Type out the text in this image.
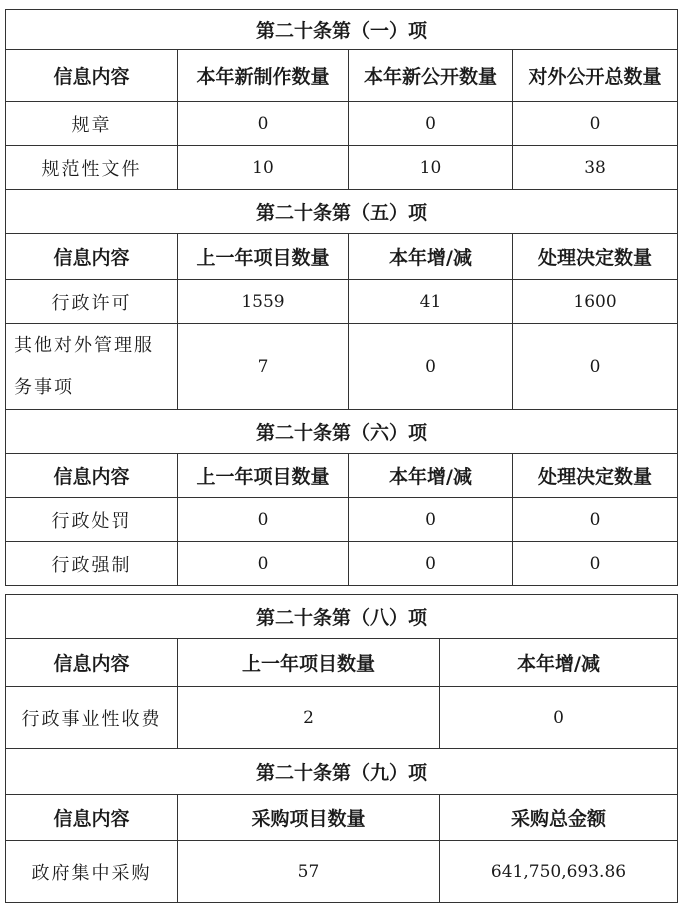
第二十条第（一）项			
信息内容	本年新制作数量	本年新公开数量	对外公开总数量
规章	0	0	0
规范性文件	10	10	38
第二十条第（五）项			
信息内容	上一年项目数量	本年增/减	处理决定数量
行政许可	1559	41	1600
其他对外管理服务事项	7	0	0
第二十条第（六）项			
信息内容	上一年项目数量	本年增/减	处理决定数量
行政处罚	0	0	0
行政强制	0	0	0
第二十条第（八）项		
信息内容	上一年项目数量	本年增/减
行政事业性收费	2	0
第二十条第（九）项		
信息内容	采购项目数量	采购总金额
政府集中采购	57	641,750,693.86
